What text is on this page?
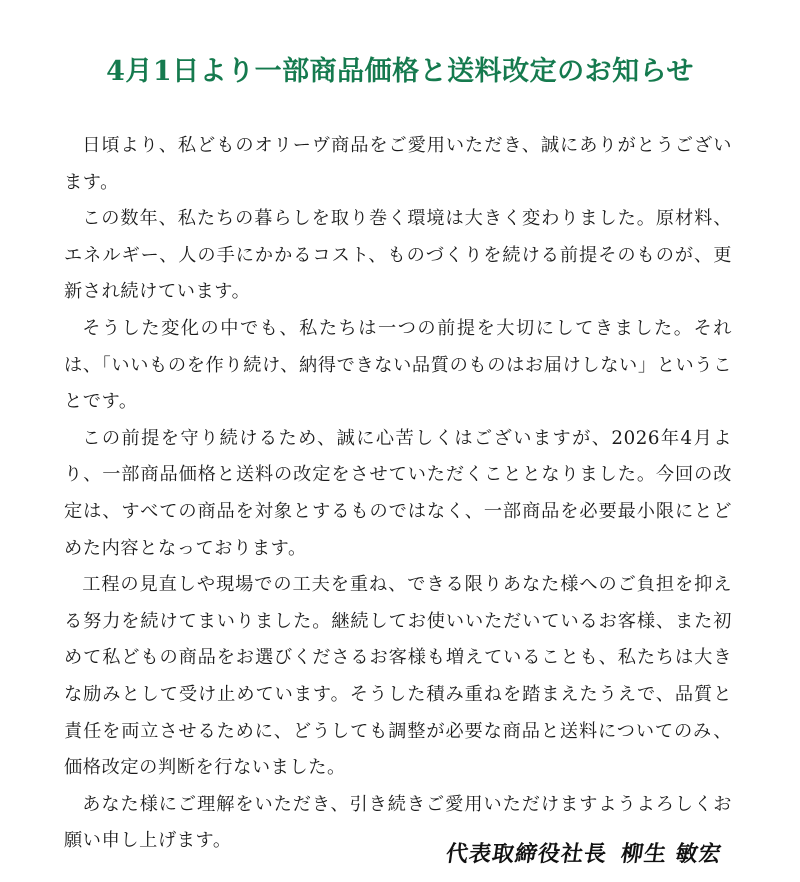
4月1日より一部商品価格と送料改定のお知らせ

日頃より、私どものオリーヴ商品をご愛用いただき、誠にありがとうございます。

この数年、私たちの暮らしを取り巻く環境は大きく変わりました。原材料、エネルギー、人の手にかかるコスト、ものづくりを続ける前提そのものが、更新され続けています。

そうした変化の中でも、私たちは一つの前提を大切にしてきました。それは、「いいものを作り続け、納得できない品質のものはお届けしない」ということです。

この前提を守り続けるため、誠に心苦しくはございますが、2026年4月より、一部商品価格と送料の改定をさせていただくこととなりました。今回の改定は、すべての商品を対象とするものではなく、一部商品を必要最小限にとどめた内容となっております。

工程の見直しや現場での工夫を重ね、できる限りあなた様へのご負担を抑える努力を続けてまいりました。継続してお使いいただいているお客様、また初めて私どもの商品をお選びくださるお客様も増えていることも、私たちは大きな励みとして受け止めています。そうした積み重ねを踏まえたうえで、品質と責任を両立させるために、どうしても調整が必要な商品と送料についてのみ、価格改定の判断を行ないました。

あなた様にご理解をいただき、引き続きご愛用いただけますようよろしくお願い申し上げます。

代表取締役社長 柳生 敏宏
